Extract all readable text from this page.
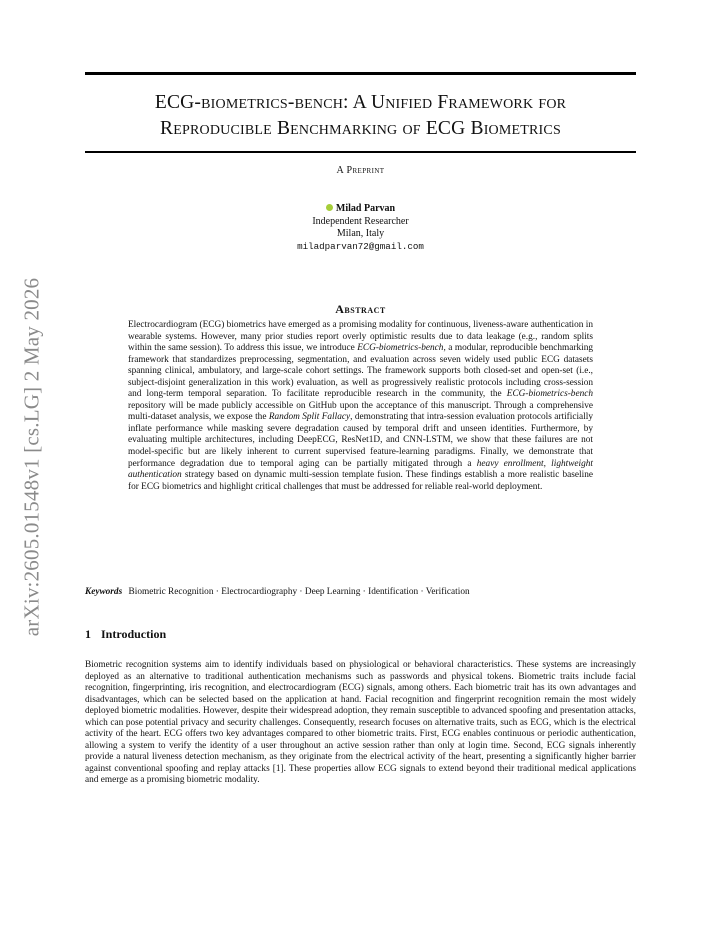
arXiv:2605.01548v1 [cs.LG] 2 May 2026
ECG-biometrics-bench: A Unified Framework for
Reproducible Benchmarking of ECG Biometrics
A Preprint
Milad Parvan
Independent Researcher
Milan, Italy
miladparvan72@gmail.com
Abstract

Electrocardiogram (ECG) biometrics have emerged as a promising modality for continuous, liveness-aware authentication in wearable systems. However, many prior studies report overly optimistic results due to data leakage (e.g., random splits within the same session). To address this issue, we introduce ECG-biometrics-bench, a modular, reproducible benchmarking framework that standardizes preprocessing, segmentation, and evaluation across seven widely used public ECG datasets spanning clinical, ambulatory, and large-scale cohort settings. The framework supports both closed-set and open-set (i.e., subject-disjoint generalization in this work) evaluation, as well as progressively realistic protocols including cross-session and long-term temporal separation. To facilitate reproducible research in the community, the ECG-biometrics-bench repository will be made publicly accessible on GitHub upon the acceptance of this manuscript. Through a comprehensive multi-dataset analysis, we expose the Random Split Fallacy, demonstrating that intra-session evaluation protocols artificially inflate performance while masking severe degradation caused by temporal drift and unseen identities. Furthermore, by evaluating multiple architectures, including DeepECG, ResNet1D, and CNN-LSTM, we show that these failures are not model-specific but are likely inherent to current supervised feature-learning paradigms. Finally, we demonstrate that performance degradation due to temporal aging can be partially mitigated through a heavy enrollment, lightweight authentication strategy based on dynamic multi-session template fusion. These findings establish a more realistic baseline for ECG biometrics and highlight critical challenges that must be addressed for reliable real-world deployment.

Keywords Biometric Recognition · Electrocardiography · Deep Learning · Identification · Verification
1 Introduction

Biometric recognition systems aim to identify individuals based on physiological or behavioral characteristics. These systems are increasingly deployed as an alternative to traditional authentication mechanisms such as passwords and physical tokens. Biometric traits include facial recognition, fingerprinting, iris recognition, and electrocardiogram (ECG) signals, among others. Each biometric trait has its own advantages and disadvantages, which can be selected based on the application at hand. Facial recognition and fingerprint recognition remain the most widely deployed biometric modalities. However, despite their widespread adoption, they remain susceptible to advanced spoofing and presentation attacks, which can pose potential privacy and security challenges. Consequently, research focuses on alternative traits, such as ECG, which is the electrical activity of the heart. ECG offers two key advantages compared to other biometric traits. First, ECG enables continuous or periodic authentication, allowing a system to verify the identity of a user throughout an active session rather than only at login time. Second, ECG signals inherently provide a natural liveness detection mechanism, as they originate from the electrical activity of the heart, presenting a significantly higher barrier against conventional spoofing and replay attacks [1]. These properties allow ECG signals to extend beyond their traditional medical applications and emerge as a promising biometric modality.
